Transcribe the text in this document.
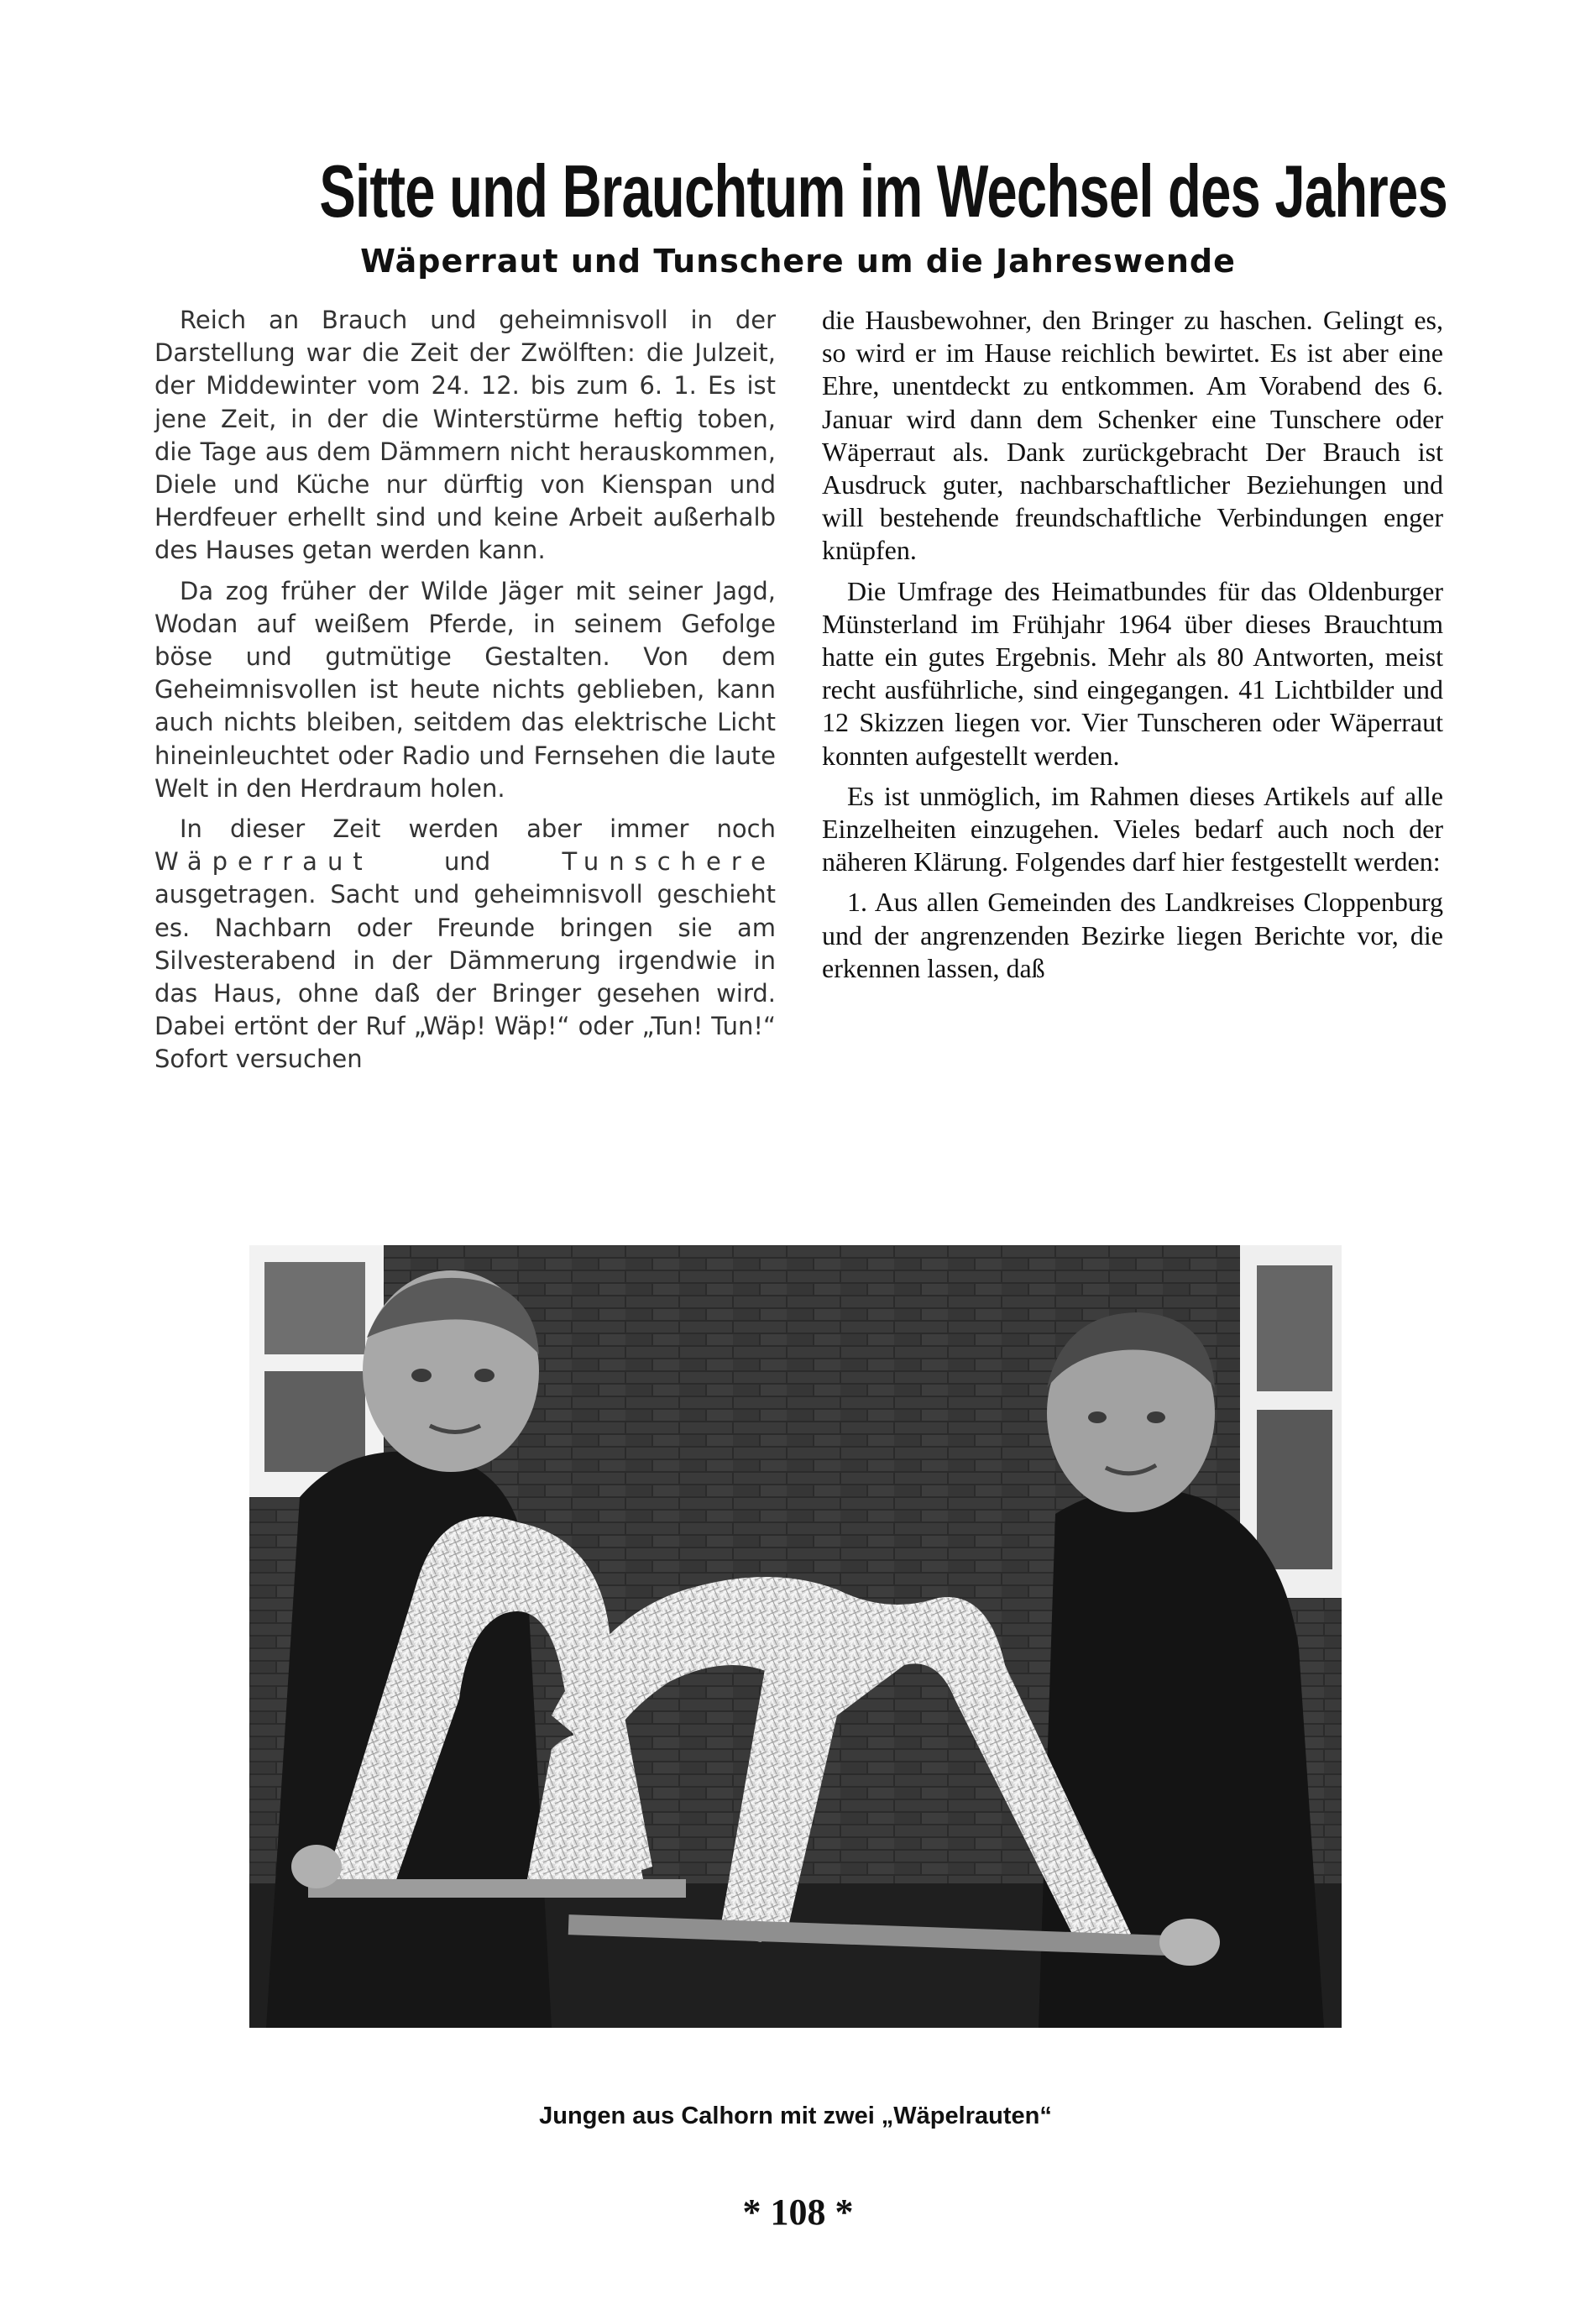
Sitte und Brauchtum im Wechsel des Jahres
Wäperraut und Tunschere um die Jahreswende

Reich an Brauch und geheimnisvoll in der Darstellung war die Zeit der Zwölften: die Julzeit, der Middewinter vom 24. 12. bis zum 6. 1. Es ist jene Zeit, in der die Winterstürme heftig toben, die Tage aus dem Dämmern nicht herauskommen, Diele und Küche nur dürftig von Kienspan und Herdfeuer erhellt sind und keine Arbeit außerhalb des Hauses getan werden kann.

Da zog früher der Wilde Jäger mit seiner Jagd, Wodan auf weißem Pferde, in seinem Gefolge böse und gutmütige Gestalten. Von dem Geheimnisvollen ist heute nichts geblieben, kann auch nichts bleiben, seitdem das elektrische Licht hineinleuchtet oder Radio und Fernsehen die laute Welt in den Herdraum holen.

In dieser Zeit werden aber immer noch Wäperraut	und	Tunschere ausgetragen. Sacht und geheimnisvoll geschieht es. Nachbarn oder Freunde bringen sie am Silvesterabend in der Dämmerung irgendwie in das Haus, ohne daß der Bringer gesehen wird. Dabei ertönt der Ruf „Wäp! Wäp!“ oder „Tun! Tun!“ Sofort versuchen

die Hausbewohner, den Bringer zu haschen. Gelingt es, so wird er im Hause reichlich bewirtet. Es ist aber eine Ehre, unentdeckt zu entkommen. Am Vorabend des 6. Januar wird dann dem Schenker eine Tunschere oder Wäperraut als. Dank zurückgebracht Der Brauch ist Ausdruck guter, nachbarschaftlicher Beziehungen und will bestehende freundschaftliche Verbindungen enger knüpfen.

Die Umfrage des Heimatbundes für das Oldenburger Münsterland im Frühjahr 1964 über dieses Brauchtum hatte ein gutes Ergebnis. Mehr als 80 Antworten, meist recht ausführliche, sind eingegangen. 41 Lichtbilder und 12 Skizzen liegen vor. Vier Tunscheren oder Wäperraut konnten aufgestellt werden.

Es ist unmöglich, im Rahmen dieses Artikels auf alle Einzelheiten einzugehen. Vieles bedarf auch noch der näheren Klärung. Folgendes darf hier festgestellt werden:

1. Aus allen Gemeinden des Landkreises Cloppenburg und der angrenzenden Bezirke liegen Berichte vor, die erkennen lassen, daß

Jungen aus Calhorn mit zwei „Wäpelrauten“

* 108 *
